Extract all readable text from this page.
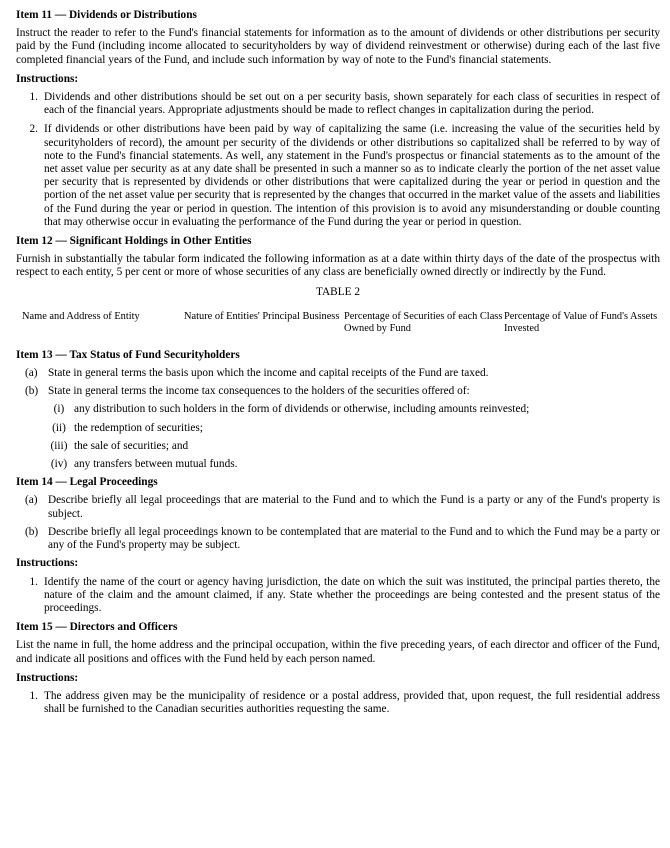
Item 11 — Dividends or Distributions
Instruct the reader to refer to the Fund's financial statements for information as to the amount of dividends or other distributions per security paid by the Fund (including income allocated to securityholders by way of dividend reinvestment or otherwise) during each of the last five completed financial years of the Fund, and include such information by way of note to the Fund's financial statements.
Instructions:
1. Dividends and other distributions should be set out on a per security basis, shown separately for each class of securities in respect of each of the financial years. Appropriate adjustments should be made to reflect changes in capitalization during the period.
2. If dividends or other distributions have been paid by way of capitalizing the same (i.e. increasing the value of the securities held by securityholders of record), the amount per security of the dividends or other distributions so capitalized shall be referred to by way of note to the Fund's financial statements. As well, any statement in the Fund's prospectus or financial statements as to the amount of the net asset value per security as at any date shall be presented in such a manner so as to indicate clearly the portion of the net asset value per security that is represented by dividends or other distributions that were capitalized during the year or period in question and the portion of the net asset value per security that is represented by the changes that occurred in the market value of the assets and liabilities of the Fund during the year or period in question. The intention of this provision is to avoid any misunderstanding or double counting that may otherwise occur in evaluating the performance of the Fund during the year or period in question.
Item 12 — Significant Holdings in Other Entities
Furnish in substantially the tabular form indicated the following information as at a date within thirty days of the date of the prospectus with respect to each entity, 5 per cent or more of whose securities of any class are beneficially owned directly or indirectly by the Fund.
TABLE 2
Name and Address of Entity	Nature of Entities' Principal Business Percentage of Securities of each Class Owned by Fund
Percentage of Value of Fund's Assets Invested
Item 13 — Tax Status of Fund Securityholders
(a) State in general terms the basis upon which the income and capital receipts of the Fund are taxed.
(b) State in general terms the income tax consequences to the holders of the securities offered of:
(i) any distribution to such holders in the form of dividends or otherwise, including amounts reinvested;
(ii) the redemption of securities;
(iii) the sale of securities; and
(iv) any transfers between mutual funds.
Item 14 — Legal Proceedings
(a) Describe briefly all legal proceedings that are material to the Fund and to which the Fund is a party or any of the Fund's property is subject.
(b) Describe briefly all legal proceedings known to be contemplated that are material to the Fund and to which the Fund may be a party or any of the Fund's property may be subject.
Instructions:
1. Identify the name of the court or agency having jurisdiction, the date on which the suit was instituted, the principal parties thereto, the nature of the claim and the amount claimed, if any. State whether the proceedings are being contested and the present status of the proceedings.
Item 15 — Directors and Officers
List the name in full, the home address and the principal occupation, within the five preceding years, of each director and officer of the Fund, and indicate all positions and offices with the Fund held by each person named.
Instructions:
1. The address given may be the municipality of residence or a postal address, provided that, upon request, the full residential address shall be furnished to the Canadian securities authorities requesting the same.
